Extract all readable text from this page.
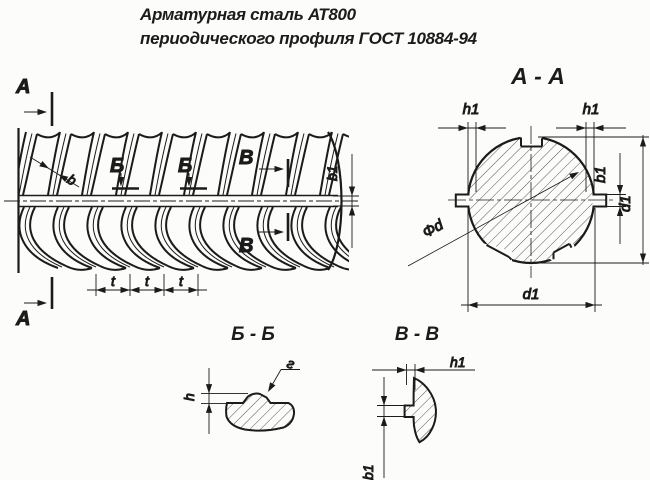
Арматурная сталь АТ800
периодического профиля ГОСТ 10884-94
А
А
Б	Б В
В
b
t t t
b1
А - А
Φd
h1	h1
b1
d1
d1
Б - Б
h
г
В - В
h1
b1
